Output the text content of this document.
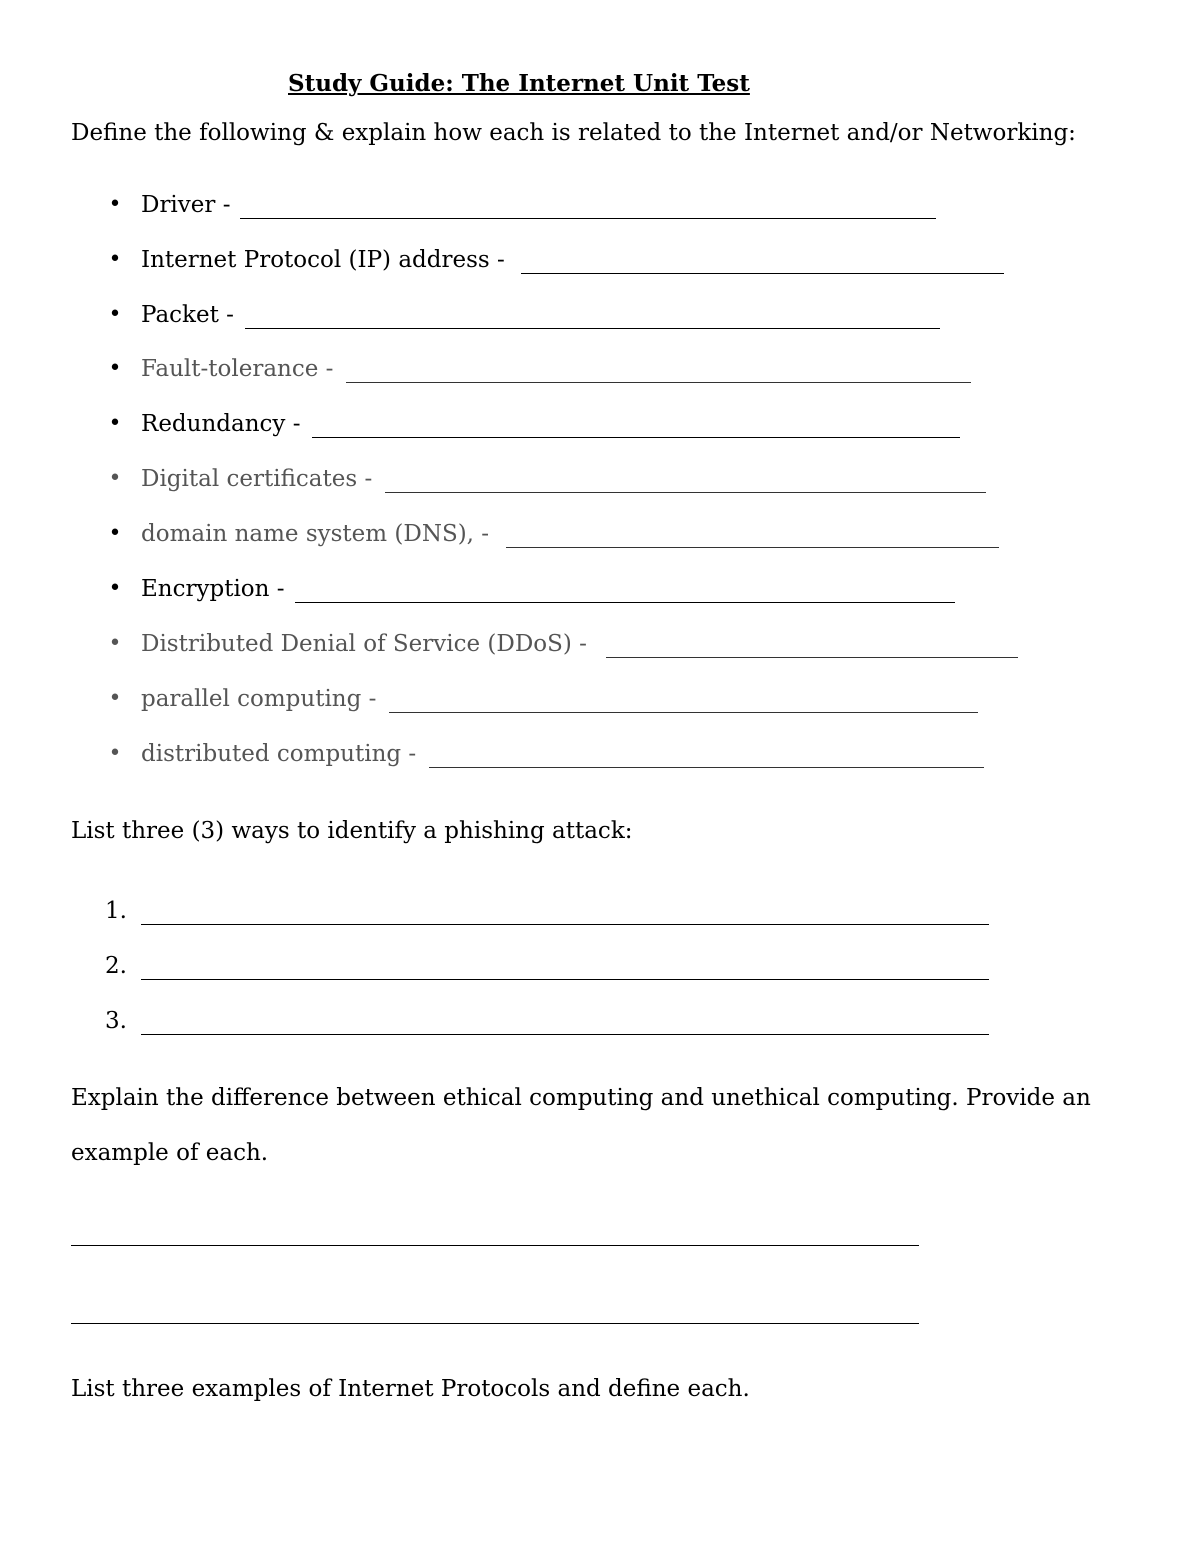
Study Guide: The Internet Unit Test
Define the following & explain how each is related to the Internet and/or Networking:
• Driver -
• Internet Protocol (IP) address -
• Packet -
• Fault-tolerance -
• Redundancy -
• Digital certificates -
• domain name system (DNS), -
• Encryption -
• Distributed Denial of Service (DDoS) -
• parallel computing -
• distributed computing -
List three (3) ways to identify a phishing attack:
1.
2.
3.
Explain the difference between ethical computing and unethical computing. Provide an
example of each.
List three examples of Internet Protocols and define each.
